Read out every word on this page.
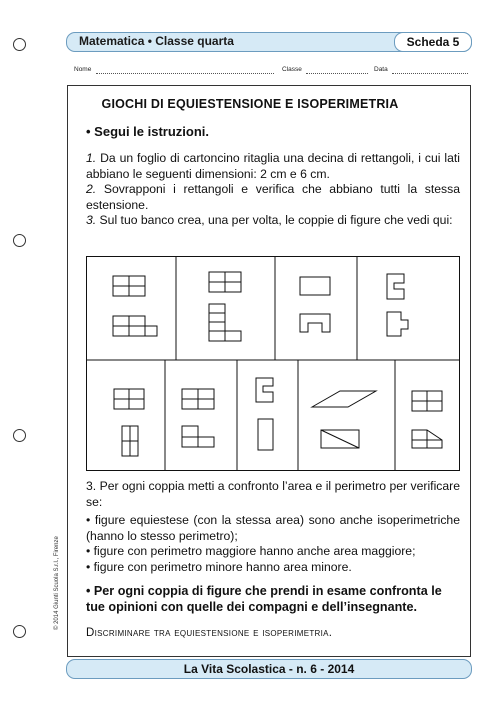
Matematica • Classe quarta	Scheda 5
Nome	Classe	Data
GIOCHI DI EQUIESTENSIONE E ISOPERIMETRIA
• Segui le istruzioni.
1. Da un foglio di cartoncino ritaglia una decina di rettangoli, i cui lati abbiano le seguenti dimensioni: 2 cm e 6 cm.
2. Sovrapponi i rettangoli e verifica che abbiano tutti la stessa estensione.
3. Sul tuo banco crea, una per volta, le coppie di figure che vedi qui:
3. Per ogni coppia metti a confronto l’area e il perimetro per verificare se:
• figure equiestese (con la stessa area) sono anche isoperimetriche (hanno lo stesso perimetro);
• figure con perimetro maggiore hanno anche area maggiore;
• figure con perimetro minore hanno area minore.
• Per ogni coppia di figure che prendi in esame confronta le tue opinioni con quelle dei compagni e dell’insegnante.
Discriminare tra equiestensione e isoperimetria.
© 2014 Giunti Scuola S.r.l., Firenze
La Vita Scolastica - n. 6 - 2014
